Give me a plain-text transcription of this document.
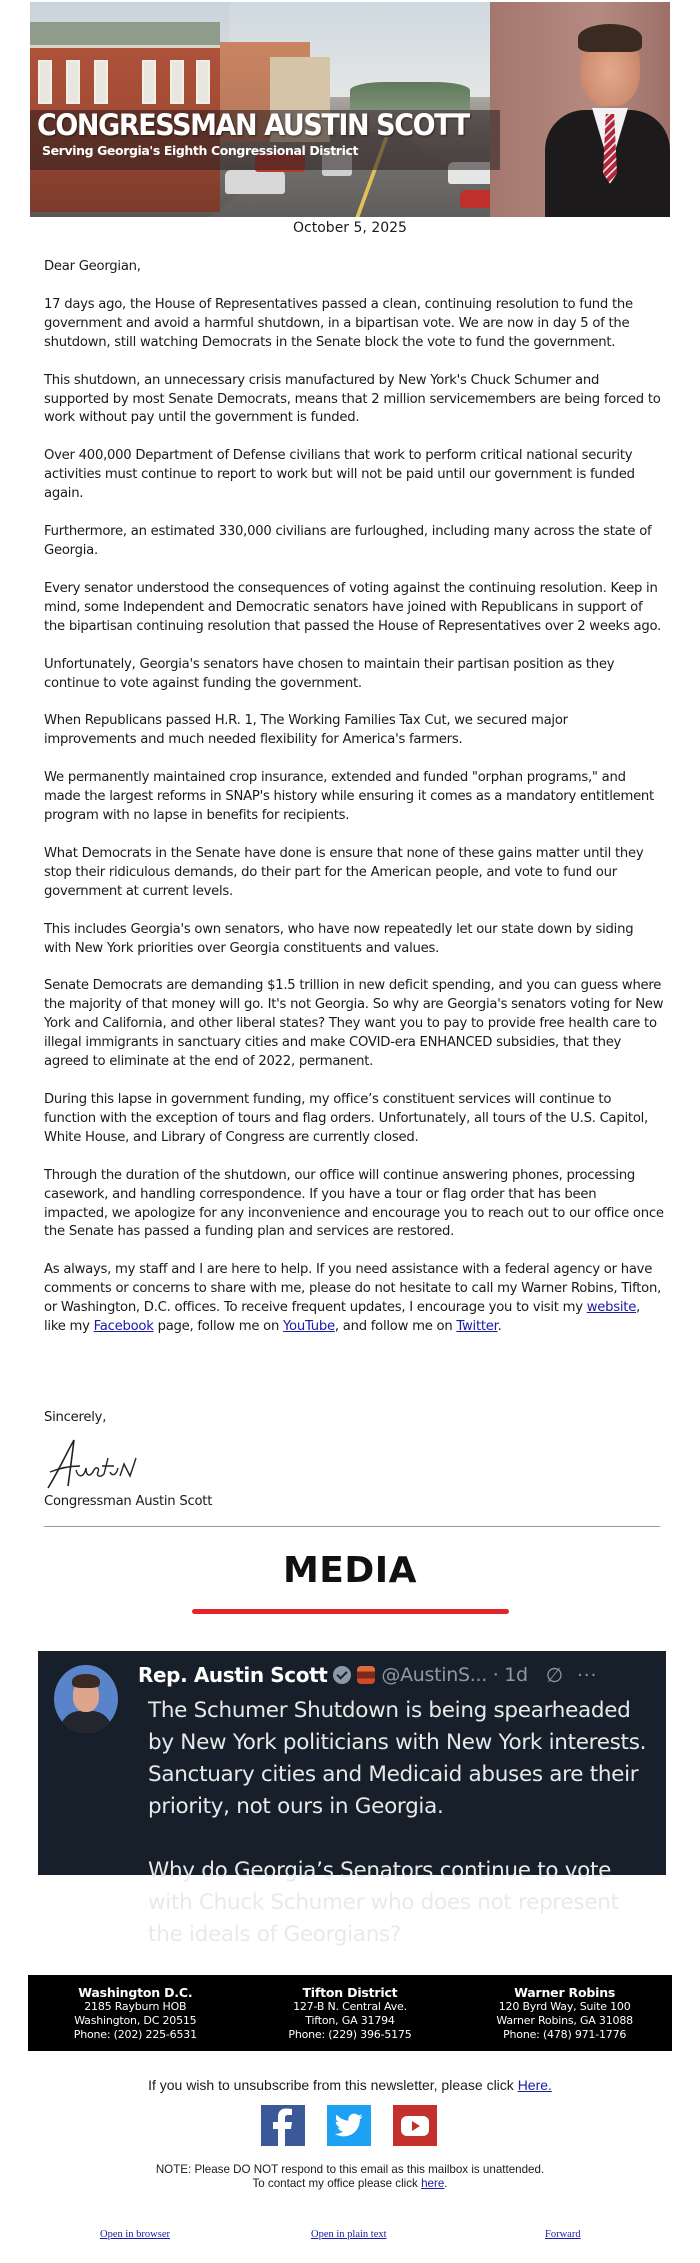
CONGRESSMAN AUSTIN SCOTT
Serving Georgia's Eighth Congressional District
October 5, 2025

Dear Georgian,

17 days ago, the House of Representatives passed a clean, continuing resolution to fund the government and avoid a harmful shutdown, in a bipartisan vote. We are now in day 5 of the shutdown, still watching Democrats in the Senate block the vote to fund the government.

This shutdown, an unnecessary crisis manufactured by New York's Chuck Schumer and supported by most Senate Democrats, means that 2 million servicemembers are being forced to work without pay until the government is funded.

Over 400,000 Department of Defense civilians that work to perform critical national security activities must continue to report to work but will not be paid until our government is funded again.

Furthermore, an estimated 330,000 civilians are furloughed, including many across the state of Georgia.

Every senator understood the consequences of voting against the continuing resolution. Keep in mind, some Independent and Democratic senators have joined with Republicans in support of the bipartisan continuing resolution that passed the House of Representatives over 2 weeks ago.

Unfortunately, Georgia's senators have chosen to maintain their partisan position as they continue to vote against funding the government.

When Republicans passed H.R. 1, The Working Families Tax Cut, we secured major improvements and much needed flexibility for America's farmers.

We permanently maintained crop insurance, extended and funded "orphan programs," and made the largest reforms in SNAP's history while ensuring it comes as a mandatory entitlement program with no lapse in benefits for recipients.

What Democrats in the Senate have done is ensure that none of these gains matter until they stop their ridiculous demands, do their part for the American people, and vote to fund our government at current levels.

This includes Georgia's own senators, who have now repeatedly let our state down by siding with New York priorities over Georgia constituents and values.

Senate Democrats are demanding $1.5 trillion in new deficit spending, and you can guess where the majority of that money will go. It's not Georgia. So why are Georgia's senators voting for New York and California, and other liberal states? They want you to pay to provide free health care to illegal immigrants in sanctuary cities and make COVID-era ENHANCED subsidies, that they agreed to eliminate at the end of 2022, permanent.

During this lapse in government funding, my office’s constituent services will continue to function with the exception of tours and flag orders. Unfortunately, all tours of the U.S. Capitol, White House, and Library of Congress are currently closed.

Through the duration of the shutdown, our office will continue answering phones, processing casework, and handling correspondence. If you have a tour or flag order that has been impacted, we apologize for any inconvenience and encourage you to reach out to our office once the Senate has passed a funding plan and services are restored.

As always, my staff and I are here to help. If you need assistance with a federal agency or have comments or concerns to share with me, please do not hesitate to call my Warner Robins, Tifton, or Washington, D.C. offices. To receive frequent updates, I encourage you to visit my website, like my Facebook page, follow me on YouTube, and follow me on Twitter.

Sincerely,
Congressman Austin Scott
MEDIA
Rep. Austin Scott	@AustinS... · 1d ∅ ···

The Schumer Shutdown is being spearheaded by New York politicians with New York interests. Sanctuary cities and Medicaid abuses are their priority, not ours in Georgia.

Why do Georgia’s Senators continue to vote with Chuck Schumer who does not represent the ideals of Georgians?

Washington D.C.
2185 Rayburn HOB
Washington, DC 20515
Phone: (202) 225-6531
Tifton District
127-B N. Central Ave.
Tifton, GA 31794
Phone: (229) 396-5175
Warner Robins
120 Byrd Way, Suite 100
Warner Robins, GA 31088
Phone: (478) 971-1776
If you wish to unsubscribe from this newsletter, please click Here.
NOTE: Please DO NOT respond to this email as this mailbox is unattended.
To contact my office please click here.
Open in browser	Open in plain text	Forward
